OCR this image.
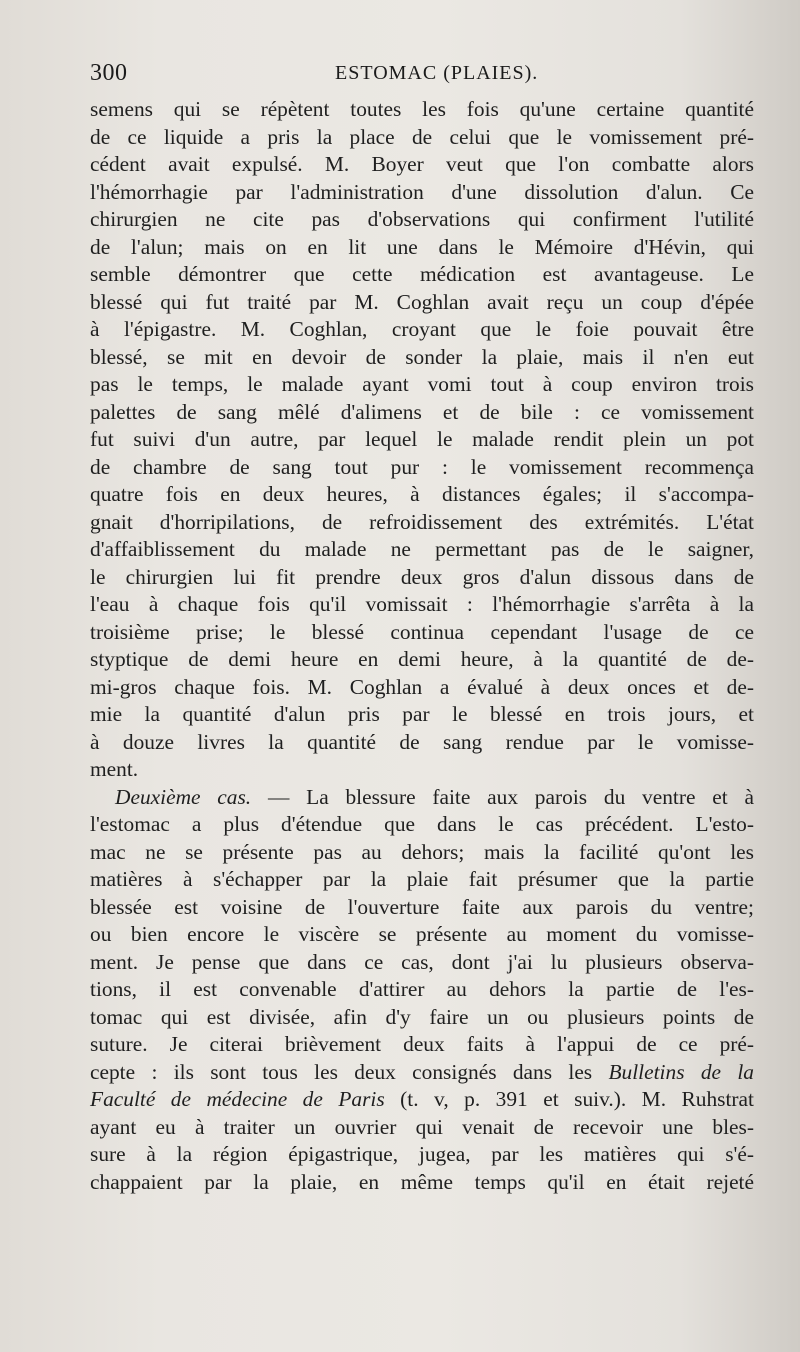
300	ESTOMAC (PLAIES).
semens qui se répètent toutes les fois qu'une certaine quantité
de ce liquide a pris la place de celui que le vomissement pré-
cédent avait expulsé. M. Boyer veut que l'on combatte alors
l'hémorrhagie par l'administration d'une dissolution d'alun. Ce
chirurgien ne cite pas d'observations qui confirment l'utilité
de l'alun; mais on en lit une dans le Mémoire d'Hévin, qui
semble démontrer que cette médication est avantageuse. Le
blessé qui fut traité par M. Coghlan avait reçu un coup d'épée
à l'épigastre. M. Coghlan, croyant que le foie pouvait être
blessé, se mit en devoir de sonder la plaie, mais il n'en eut
pas le temps, le malade ayant vomi tout à coup environ trois
palettes de sang mêlé d'alimens et de bile : ce vomissement
fut suivi d'un autre, par lequel le malade rendit plein un pot
de chambre de sang tout pur : le vomissement recommença
quatre fois en deux heures, à distances égales; il s'accompa-
gnait d'horripilations, de refroidissement des extrémités. L'état
d'affaiblissement du malade ne permettant pas de le saigner,
le chirurgien lui fit prendre deux gros d'alun dissous dans de
l'eau à chaque fois qu'il vomissait : l'hémorrhagie s'arrêta à la
troisième prise; le blessé continua cependant l'usage de ce
styptique de demi heure en demi heure, à la quantité de de-
mi-gros chaque fois. M. Coghlan a évalué à deux onces et de-
mie la quantité d'alun pris par le blessé en trois jours, et
à douze livres la quantité de sang rendue par le vomisse-
ment.
Deuxième cas. — La blessure faite aux parois du ventre et à
l'estomac a plus d'étendue que dans le cas précédent. L'esto-
mac ne se présente pas au dehors; mais la facilité qu'ont les
matières à s'échapper par la plaie fait présumer que la partie
blessée est voisine de l'ouverture faite aux parois du ventre;
ou bien encore le viscère se présente au moment du vomisse-
ment. Je pense que dans ce cas, dont j'ai lu plusieurs observa-
tions, il est convenable d'attirer au dehors la partie de l'es-
tomac qui est divisée, afin d'y faire un ou plusieurs points de
suture. Je citerai brièvement deux faits à l'appui de ce pré-
cepte : ils sont tous les deux consignés dans les Bulletins de la
Faculté de médecine de Paris (t. v, p. 391 et suiv.). M. Ruhstrat
ayant eu à traiter un ouvrier qui venait de recevoir une bles-
sure à la région épigastrique, jugea, par les matières qui s'é-
chappaient par la plaie, en même temps qu'il en était rejeté
